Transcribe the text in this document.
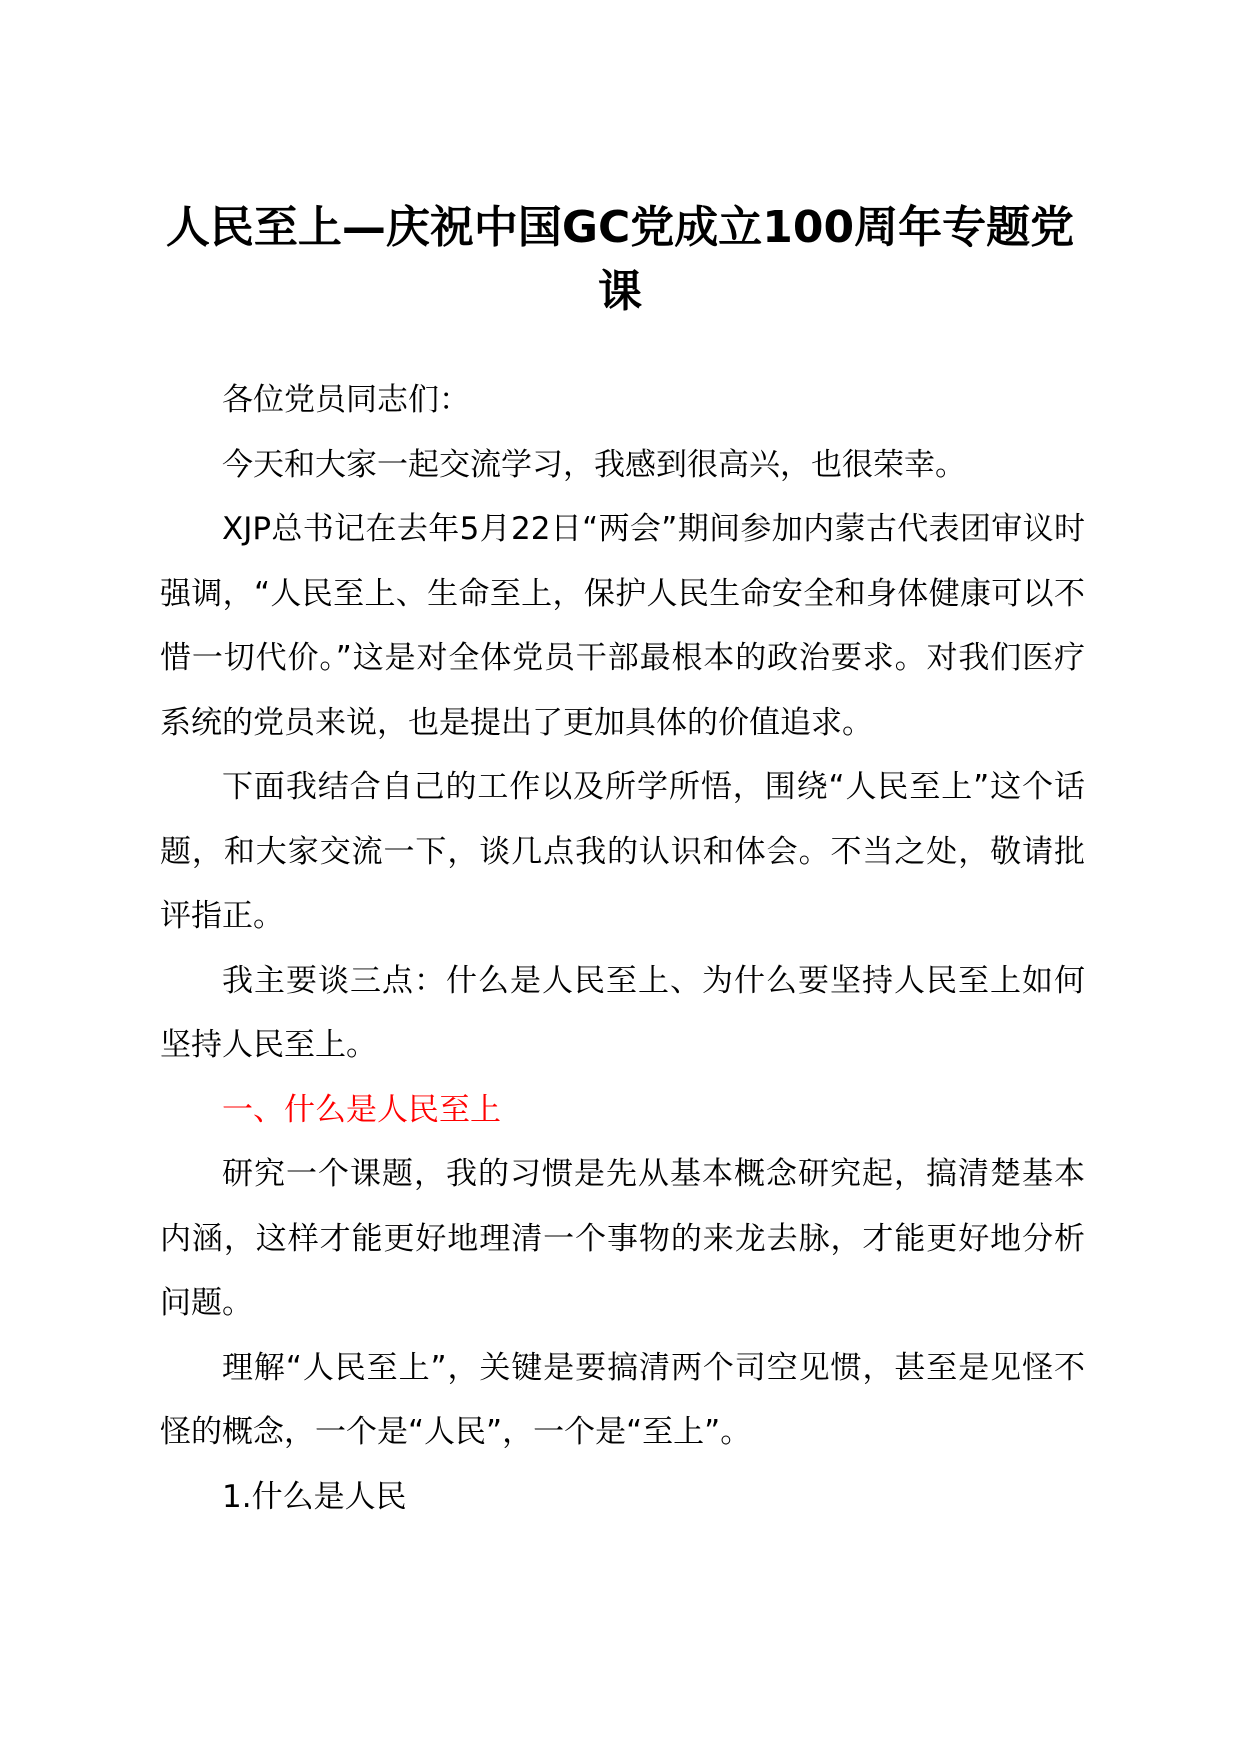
人民至上—庆祝中国GC党成立100周年专题党课

各位党员同志们：

今天和大家一起交流学习，我感到很高兴，也很荣幸。

XJP总书记在去年5月22日“两会”期间参加内蒙古代表团审议时强调，“人民至上、生命至上，保护人民生命安全和身体健康可以不惜一切代价。”这是对全体党员干部最根本的政治要求。对我们医疗系统的党员来说，也是提出了更加具体的价值追求。

下面我结合自己的工作以及所学所悟，围绕“人民至上”这个话题，和大家交流一下，谈几点我的认识和体会。不当之处，敬请批评指正。

我主要谈三点：什么是人民至上、为什么要坚持人民至上如何坚持人民至上。

一、什么是人民至上

研究一个课题，我的习惯是先从基本概念研究起，搞清楚基本内涵，这样才能更好地理清一个事物的来龙去脉，才能更好地分析问题。

理解“人民至上”，关键是要搞清两个司空见惯，甚至是见怪不怪的概念，一个是“人民”，一个是“至上”。

1.什么是人民
